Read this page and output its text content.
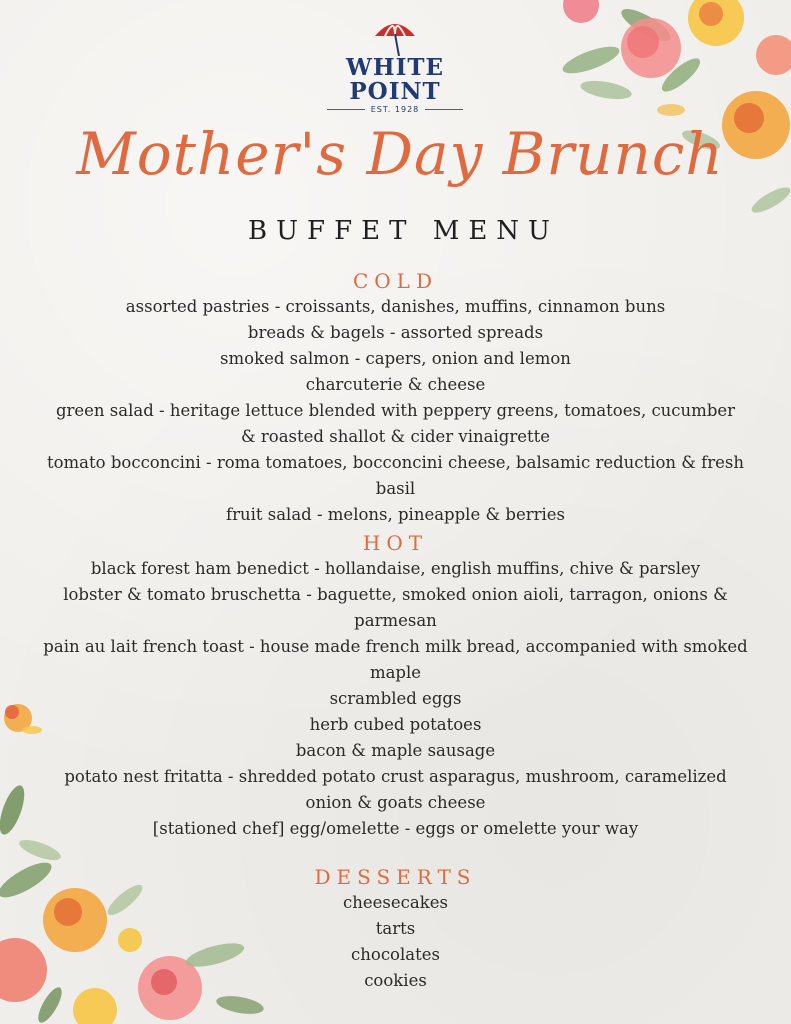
WHITE POINT
EST. 1928
Mother's Day Brunch
BUFFET MENU
COLD
assorted pastries - croissants, danishes, muffins, cinnamon buns
breads & bagels - assorted spreads
smoked salmon - capers, onion and lemon
charcuterie & cheese
green salad - heritage lettuce blended with peppery greens, tomatoes, cucumber & roasted shallot & cider vinaigrette
tomato bocconcini - roma tomatoes, bocconcini cheese, balsamic reduction & fresh basil
fruit salad - melons, pineapple & berries
HOT
black forest ham benedict - hollandaise, english muffins, chive & parsley
lobster & tomato bruschetta - baguette, smoked onion aioli, tarragon, onions & parmesan
pain au lait french toast - house made french milk bread, accompanied with smoked maple
scrambled eggs
herb cubed potatoes
bacon & maple sausage
potato nest fritatta - shredded potato crust asparagus, mushroom, caramelized onion & goats cheese
[stationed chef] egg/omelette - eggs or omelette your way
DESSERTS
cheesecakes
tarts
chocolates
cookies
